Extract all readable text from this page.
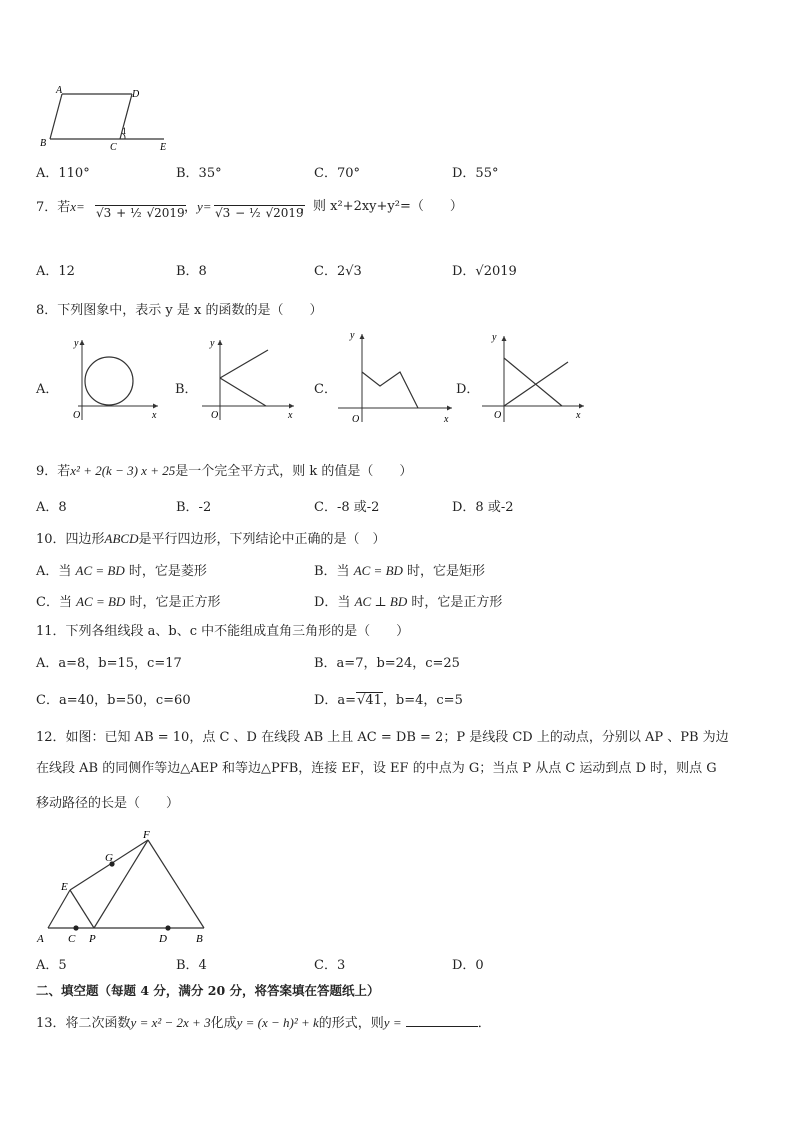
A	D
B	C	E
1
A．110°	B．35°	C．70°	D．55°
7．若x= √3 + ½ √2019 ，y= √3 − ½ √2019
，则 x²+2xy+y²=（　　）
A．12	B．8	C．2√3	D．√2019
8．下列图象中，表示 y 是 x 的函数的是（　　）
A．
y
x
O
B．
y
x
O
C．
y
x
O
D．
y
x
O
9．若x² + 2(k − 3) x + 25是一个完全平方式，则 k 的值是（　　）
A．8	B．-2	C．-8 或-2	D．8 或-2
10．四边形ABCD是平行四边形，下列结论中正确的是（　）
A．当 AC = BD 时，它是菱形	B．当 AC = BD 时，它是矩形
C．当 AC = BD 时，它是正方形	D．当 AC ⊥ BD 时，它是正方形
11．下列各组线段 a、b、c 中不能组成直角三角形的是（　　）
A．a=8，b=15，c=17	B．a=7，b=24，c=25
C．a=40，b=50，c=60	D．a=√41，b=4，c=5
12．如图：已知 AB = 10，点 C 、D 在线段 AB 上且 AC = DB = 2；P 是线段 CD 上的动点，分别以 AP 、PB 为边
在线段 AB 的同侧作等边△AEP 和等边△PFB，连接 EF，设 EF 的中点为 G；当点 P 从点 C 运动到点 D 时，则点 G
移动路径的长是（　　）
A C P	D	B
E
F
G
A．5	B．4	C．3	D．0
二、填空题（每题 4 分，满分 20 分，将答案填在答题纸上）
13．将二次函数y = x² − 2x + 3化成y = (x − h)² + k的形式，则y =	．
